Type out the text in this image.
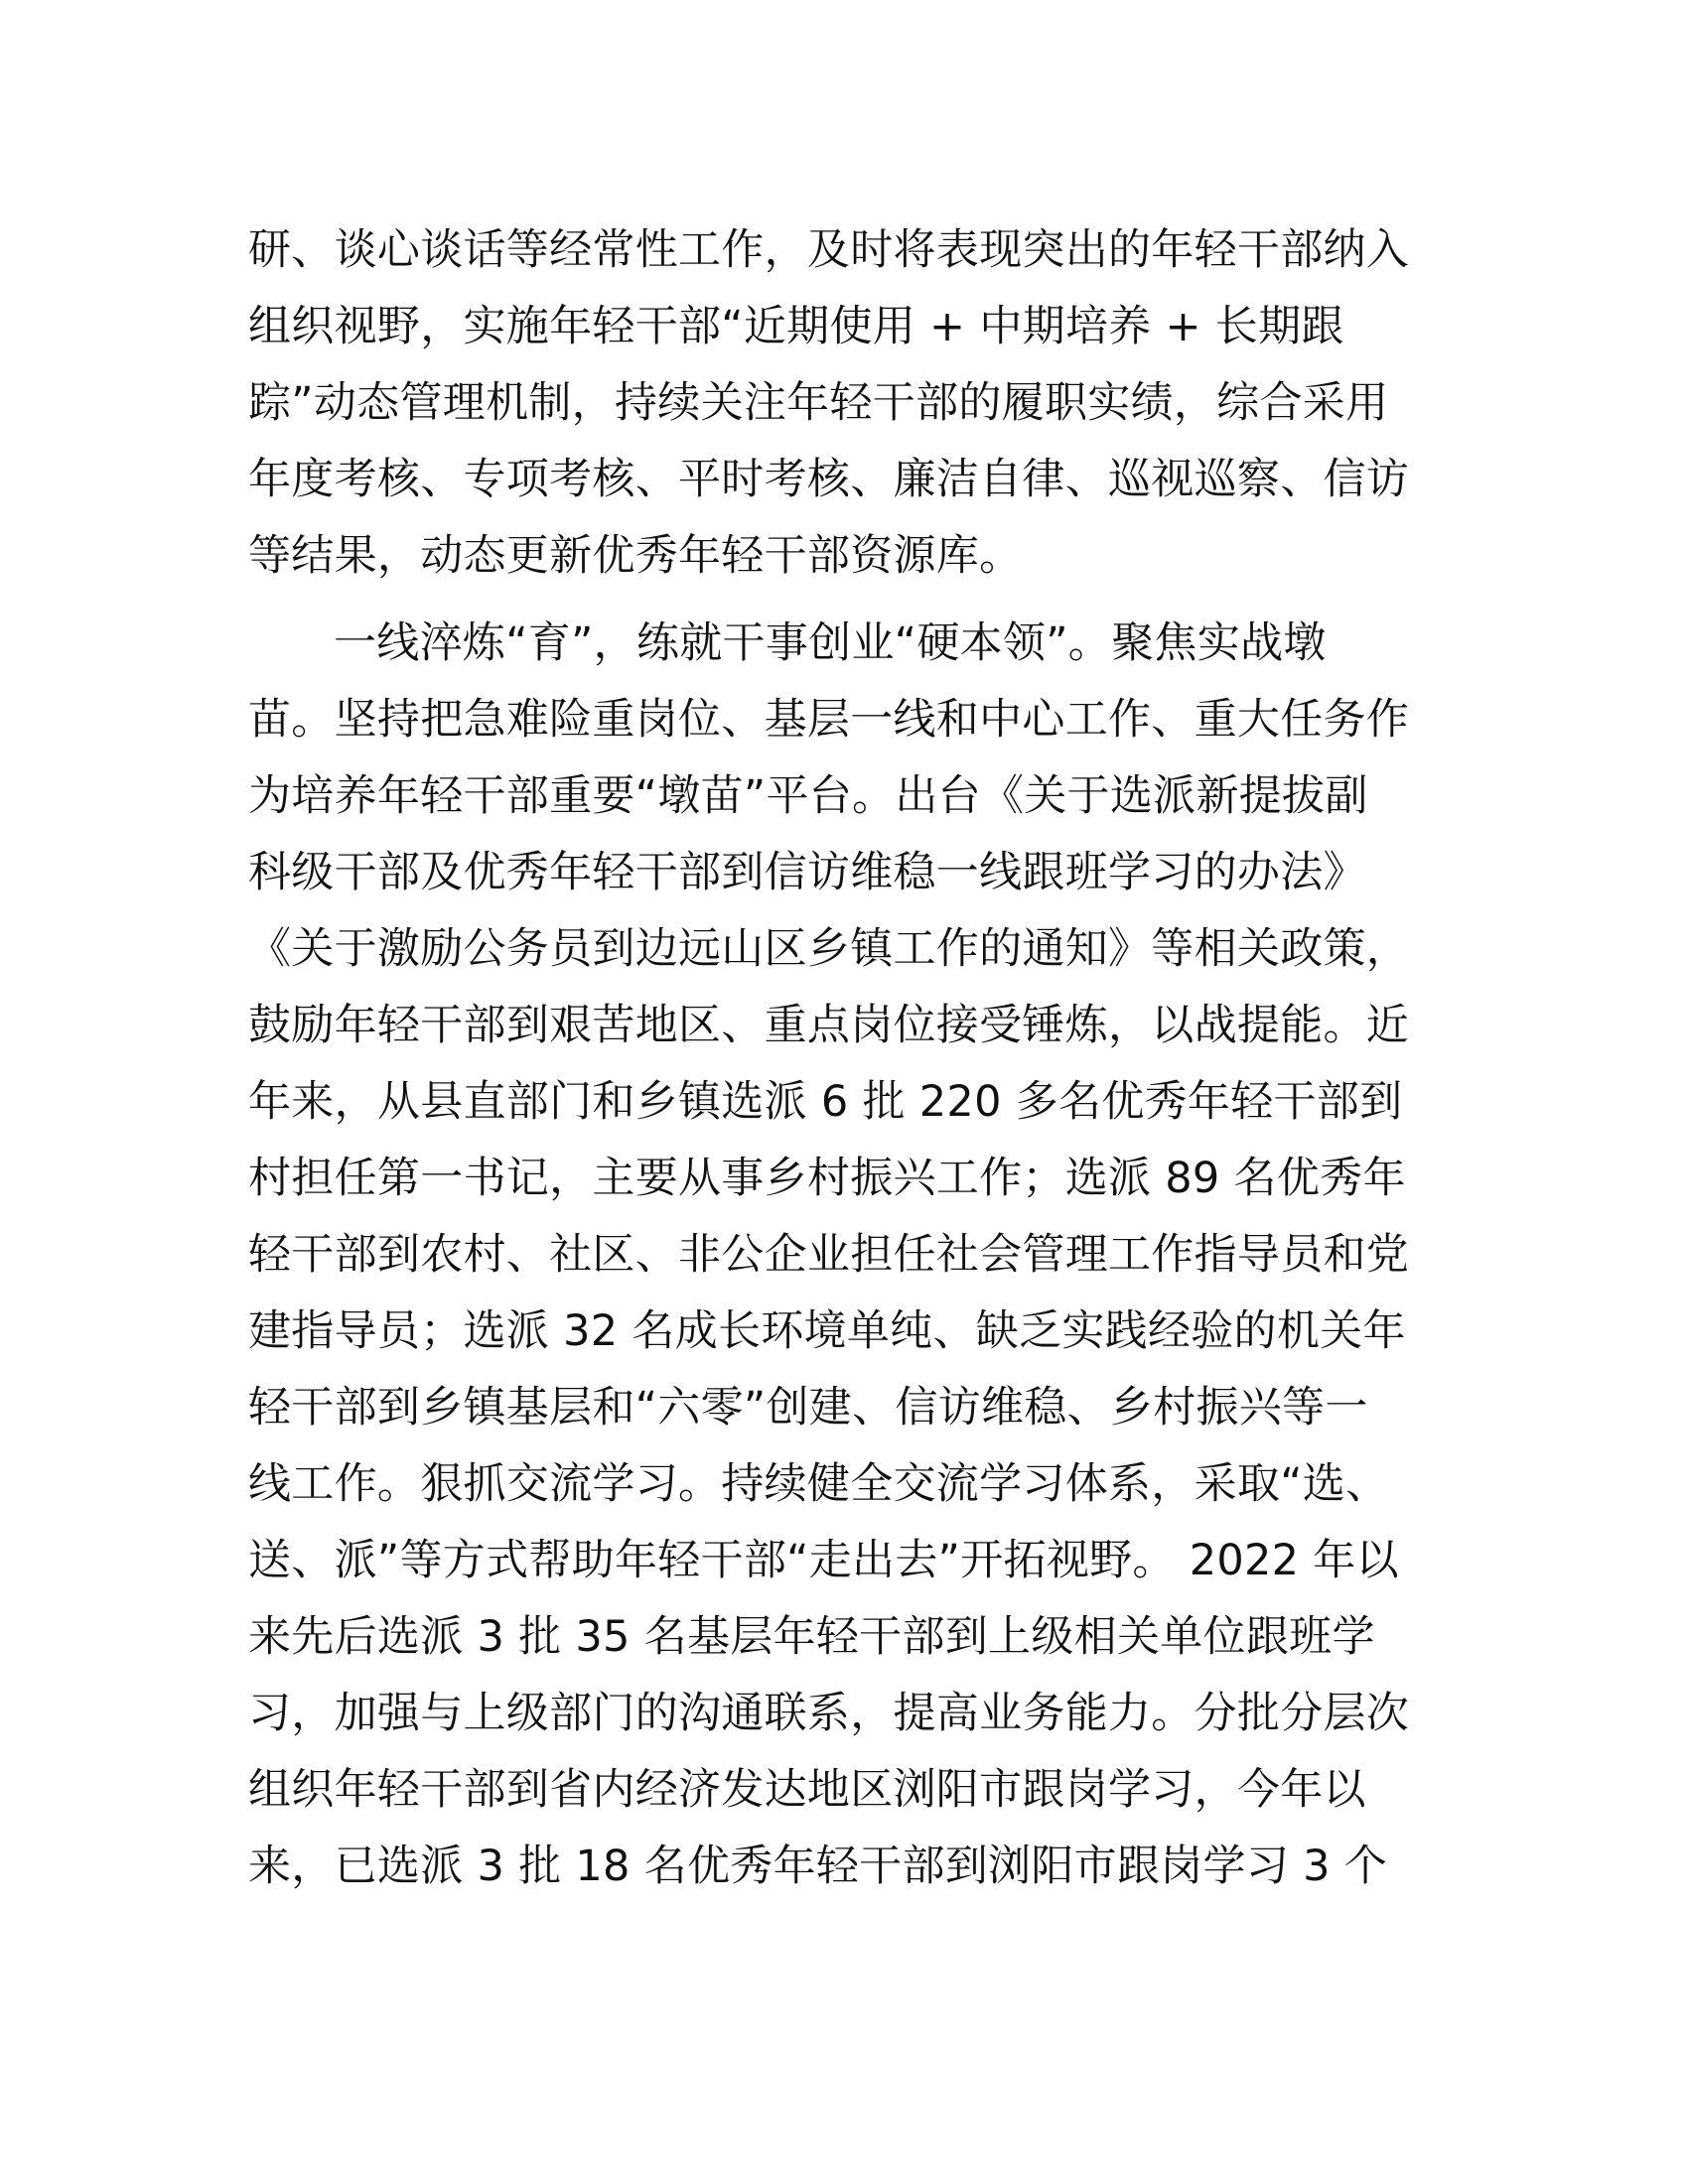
研、谈心谈话等经常性工作，及时将表现突出的年轻干部纳入
组织视野，实施年轻干部“近期使用 + 中期培养 + 长期跟
踪”动态管理机制，持续关注年轻干部的履职实绩，综合采用
年度考核、专项考核、平时考核、廉洁自律、巡视巡察、信访
等结果，动态更新优秀年轻干部资源库。
一线淬炼“育”，练就干事创业“硬本领”。聚焦实战墩
苗。坚持把急难险重岗位、基层一线和中心工作、重大任务作
为培养年轻干部重要“墩苗”平台。出台《关于选派新提拔副
科级干部及优秀年轻干部到信访维稳一线跟班学习的办法》
《关于激励公务员到边远山区乡镇工作的通知》等相关政策，
鼓励年轻干部到艰苦地区、重点岗位接受锤炼，以战提能。近
年来，从县直部门和乡镇选派 6 批 220 多名优秀年轻干部到
村担任第一书记，主要从事乡村振兴工作；选派 89 名优秀年
轻干部到农村、社区、非公企业担任社会管理工作指导员和党
建指导员；选派 32 名成长环境单纯、缺乏实践经验的机关年
轻干部到乡镇基层和“六零”创建、信访维稳、乡村振兴等一
线工作。狠抓交流学习。持续健全交流学习体系，采取“选、
送、派”等方式帮助年轻干部“走出去”开拓视野。 2022 年以
来先后选派 3 批 35 名基层年轻干部到上级相关单位跟班学
习，加强与上级部门的沟通联系，提高业务能力。分批分层次
组织年轻干部到省内经济发达地区浏阳市跟岗学习，今年以
来，已选派 3 批 18 名优秀年轻干部到浏阳市跟岗学习 3 个
